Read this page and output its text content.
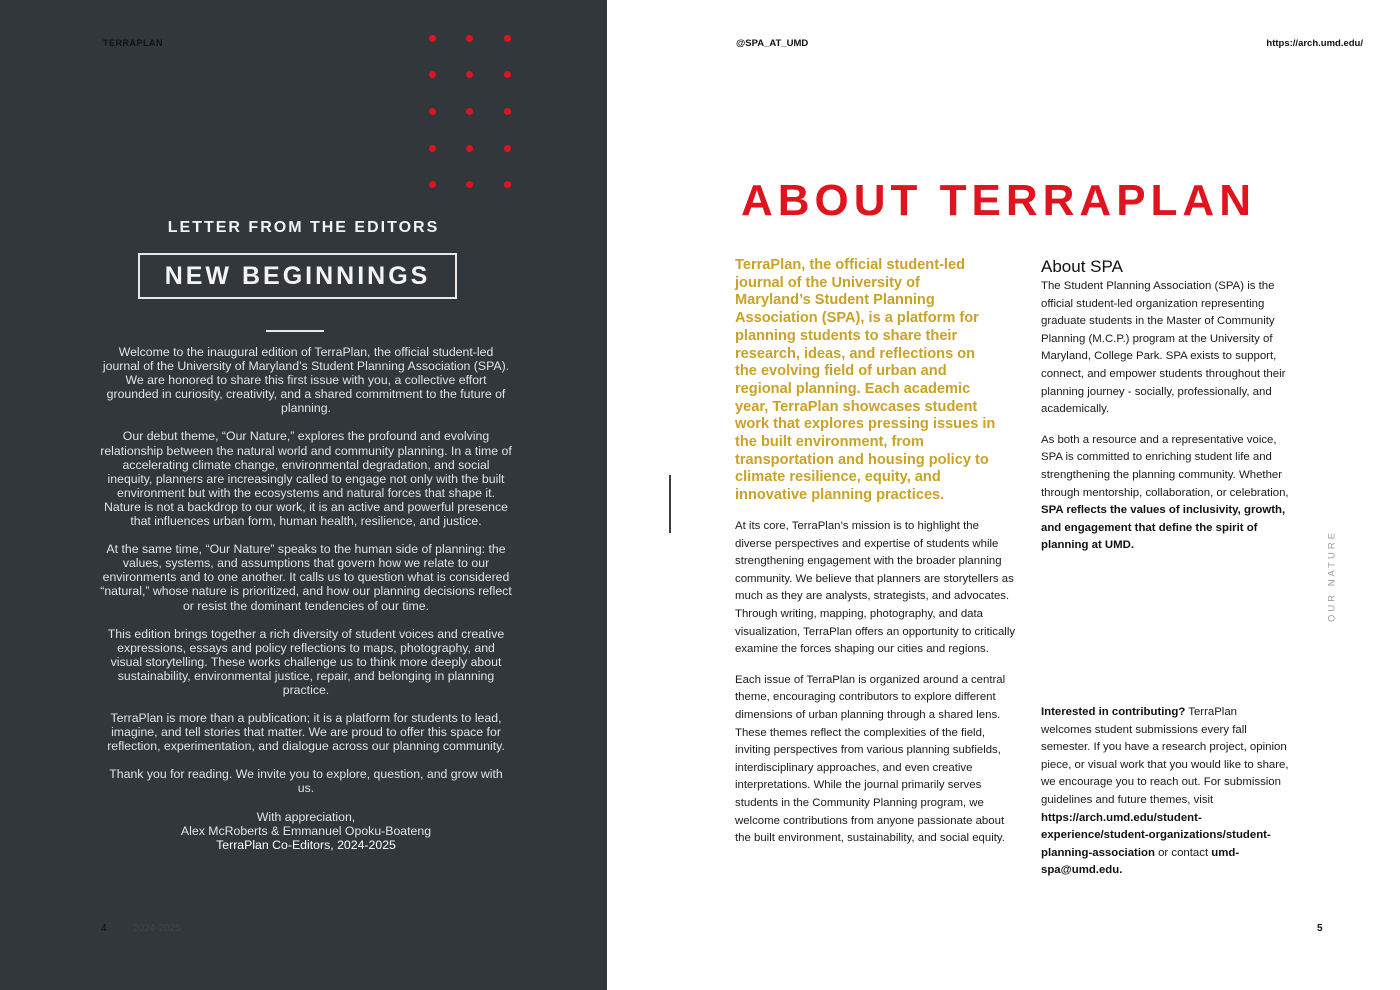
TERRAPLAN
LETTER FROM THE EDITORS
NEW BEGINNINGS

Welcome to the inaugural edition of TerraPlan, the official student-led journal of the University of Maryland’s Student Planning Association (SPA). We are honored to share this first issue with you, a collective effort grounded in curiosity, creativity, and a shared commitment to the future of planning.

Our debut theme, “Our Nature,” explores the profound and evolving relationship between the natural world and community planning. In a time of accelerating climate change, environmental degradation, and social inequity, planners are increasingly called to engage not only with the built environment but with the ecosystems and natural forces that shape it. Nature is not a backdrop to our work, it is an active and powerful presence that influences urban form, human health, resilience, and justice.

At the same time, “Our Nature” speaks to the human side of planning: the values, systems, and assumptions that govern how we relate to our environments and to one another. It calls us to question what is considered “natural,” whose nature is prioritized, and how our planning decisions reflect or resist the dominant tendencies of our time.

This edition brings together a rich diversity of student voices and creative expressions, essays and policy reflections to maps, photography, and visual storytelling. These works challenge us to think more deeply about sustainability, environmental justice, repair, and belonging in planning practice.

TerraPlan is more than a publication; it is a platform for students to lead, imagine, and tell stories that matter. We are proud to offer this space for reflection, experimentation, and dialogue across our planning community.

Thank you for reading. We invite you to explore, question, and grow with us.

With appreciation,
Alex McRoberts & Emmanuel Opoku-Boateng
TerraPlan Co-Editors, 2024-2025
4	2024-2025
@SPA_AT_UMD	https://arch.umd.edu/
ABOUT TERRAPLAN
TerraPlan, the official student-led journal of the University of Maryland’s Student Planning Association (SPA), is a platform for planning students to share their research, ideas, and reflections on the evolving field of urban and regional planning. Each academic year, TerraPlan showcases student work that explores pressing issues in the built environment, from transportation and housing policy to climate resilience, equity, and innovative planning practices.

At its core, TerraPlan’s mission is to highlight the diverse perspectives and expertise of students while strengthening engagement with the broader planning community. We believe that planners are storytellers as much as they are analysts, strategists, and advocates. Through writing, mapping, photography, and data visualization, TerraPlan offers an opportunity to critically examine the forces shaping our cities and regions.

Each issue of TerraPlan is organized around a central theme, encouraging contributors to explore different dimensions of urban planning through a shared lens. These themes reflect the complexities of the field, inviting perspectives from various planning subfields, interdisciplinary approaches, and even creative interpretations. While the journal primarily serves students in the Community Planning program, we welcome contributions from anyone passionate about the built environment, sustainability, and social equity.

About SPA

The Student Planning Association (SPA) is the official student-led organization representing graduate students in the Master of Community Planning (M.C.P.) program at the University of Maryland, College Park. SPA exists to support, connect, and empower students throughout their planning journey - socially, professionally, and academically.

As both a resource and a representative voice, SPA is committed to enriching student life and strengthening the planning community. Whether through mentorship, collaboration, or celebration, SPA reflects the values of inclusivity, growth, and engagement that define the spirit of planning at UMD.

Interested in contributing? TerraPlan welcomes student submissions every fall semester. If you have a research project, opinion piece, or visual work that you would like to share, we encourage you to reach out. For submission guidelines and future themes, visit https://arch.umd.edu/student-experience/student-organizations/student-planning-association or contact umd-spa@umd.edu.
OUR NATURE
5
